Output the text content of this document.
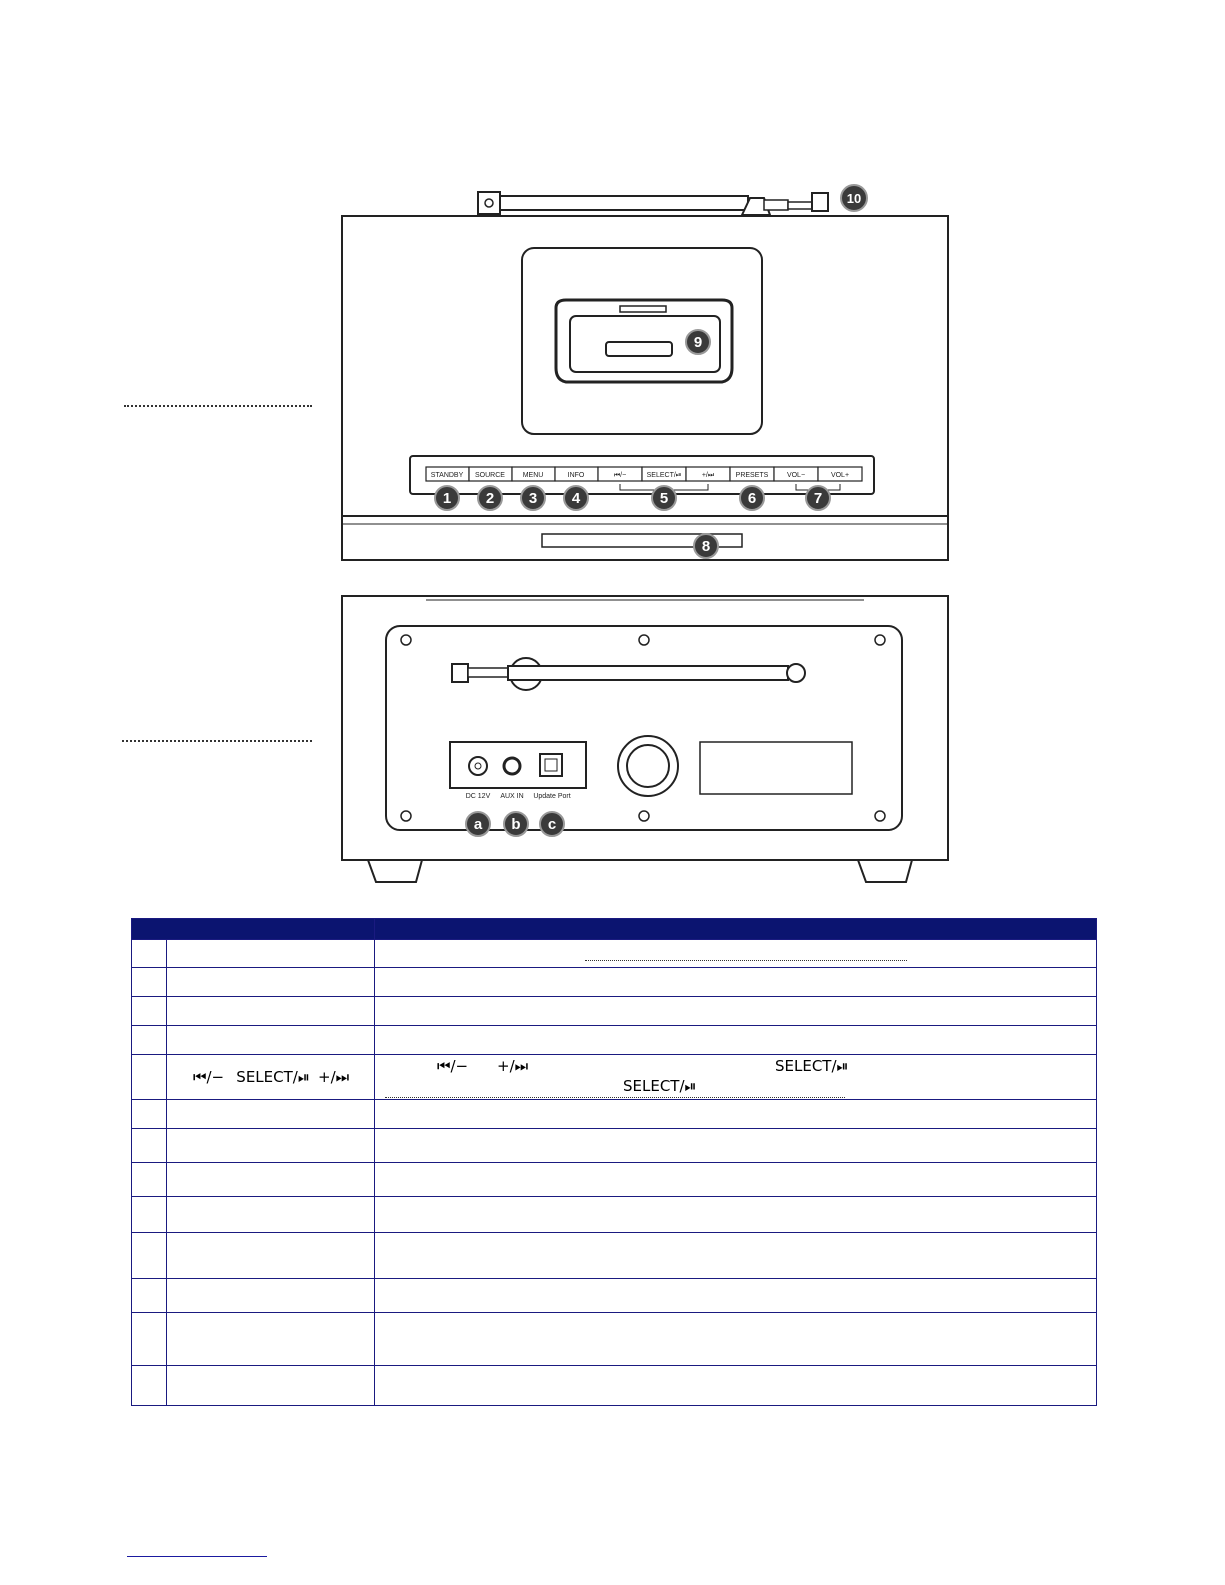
STANDBY SOURCE	MENU	INFO	⏮/−	SELECT/⏯	+/⏭	PRESETS	VOL−	VOL+
1 2 3 4	5	6	7
8
9
10
DC 12V AUX IN Update Port
a b c

	⏮/− SELECT/⏯ +/⏭	⏮/− +/⏭ SELECT/⏯
SELECT/⏯
